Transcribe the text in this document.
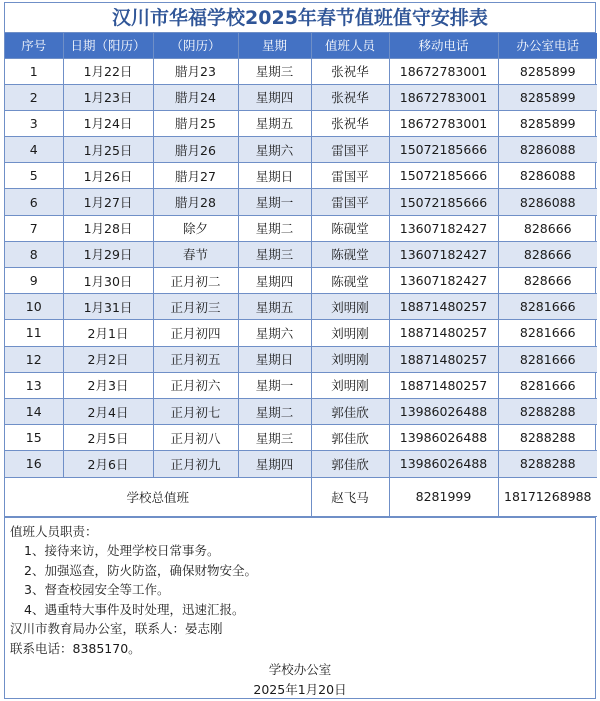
汉川市华福学校2025年春节值班值守安排表
序号	日期（阳历）	（阴历）	星期	值班人员	移动电话	办公室电话
1	1月22日	腊月23	星期三	张祝华	18672783001	8285899
2	1月23日	腊月24	星期四	张祝华	18672783001	8285899
3	1月24日	腊月25	星期五	张祝华	18672783001	8285899
4	1月25日	腊月26	星期六	雷国平	15072185666	8286088
5	1月26日	腊月27	星期日	雷国平	15072185666	8286088
6	1月27日	腊月28	星期一	雷国平	15072185666	8286088
7	1月28日	除夕	星期二	陈砚堂	13607182427	828666
8	1月29日	春节	星期三	陈砚堂	13607182427	828666
9	1月30日	正月初二	星期四	陈砚堂	13607182427	828666
10	1月31日	正月初三	星期五	刘明刚	18871480257	8281666
11	2月1日	正月初四	星期六	刘明刚	18871480257	8281666
12	2月2日	正月初五	星期日	刘明刚	18871480257	8281666
13	2月3日	正月初六	星期一	刘明刚	18871480257	8281666
14	2月4日	正月初七	星期二	郭佳欣	13986026488	8288288
15	2月5日	正月初八	星期三	郭佳欣	13986026488	8288288
16	2月6日	正月初九	星期四	郭佳欣	13986026488	8288288
学校总值班				赵飞马	8281999	18171268988
值班人员职责：
1、接待来访，处理学校日常事务。
2、加强巡查，防火防盗，确保财物安全。
3、督查校园安全等工作。
4、遇重特大事件及时处理，迅速汇报。
汉川市教育局办公室，联系人：晏志刚
联系电话：8385170。
学校办公室
2025年1月20日
